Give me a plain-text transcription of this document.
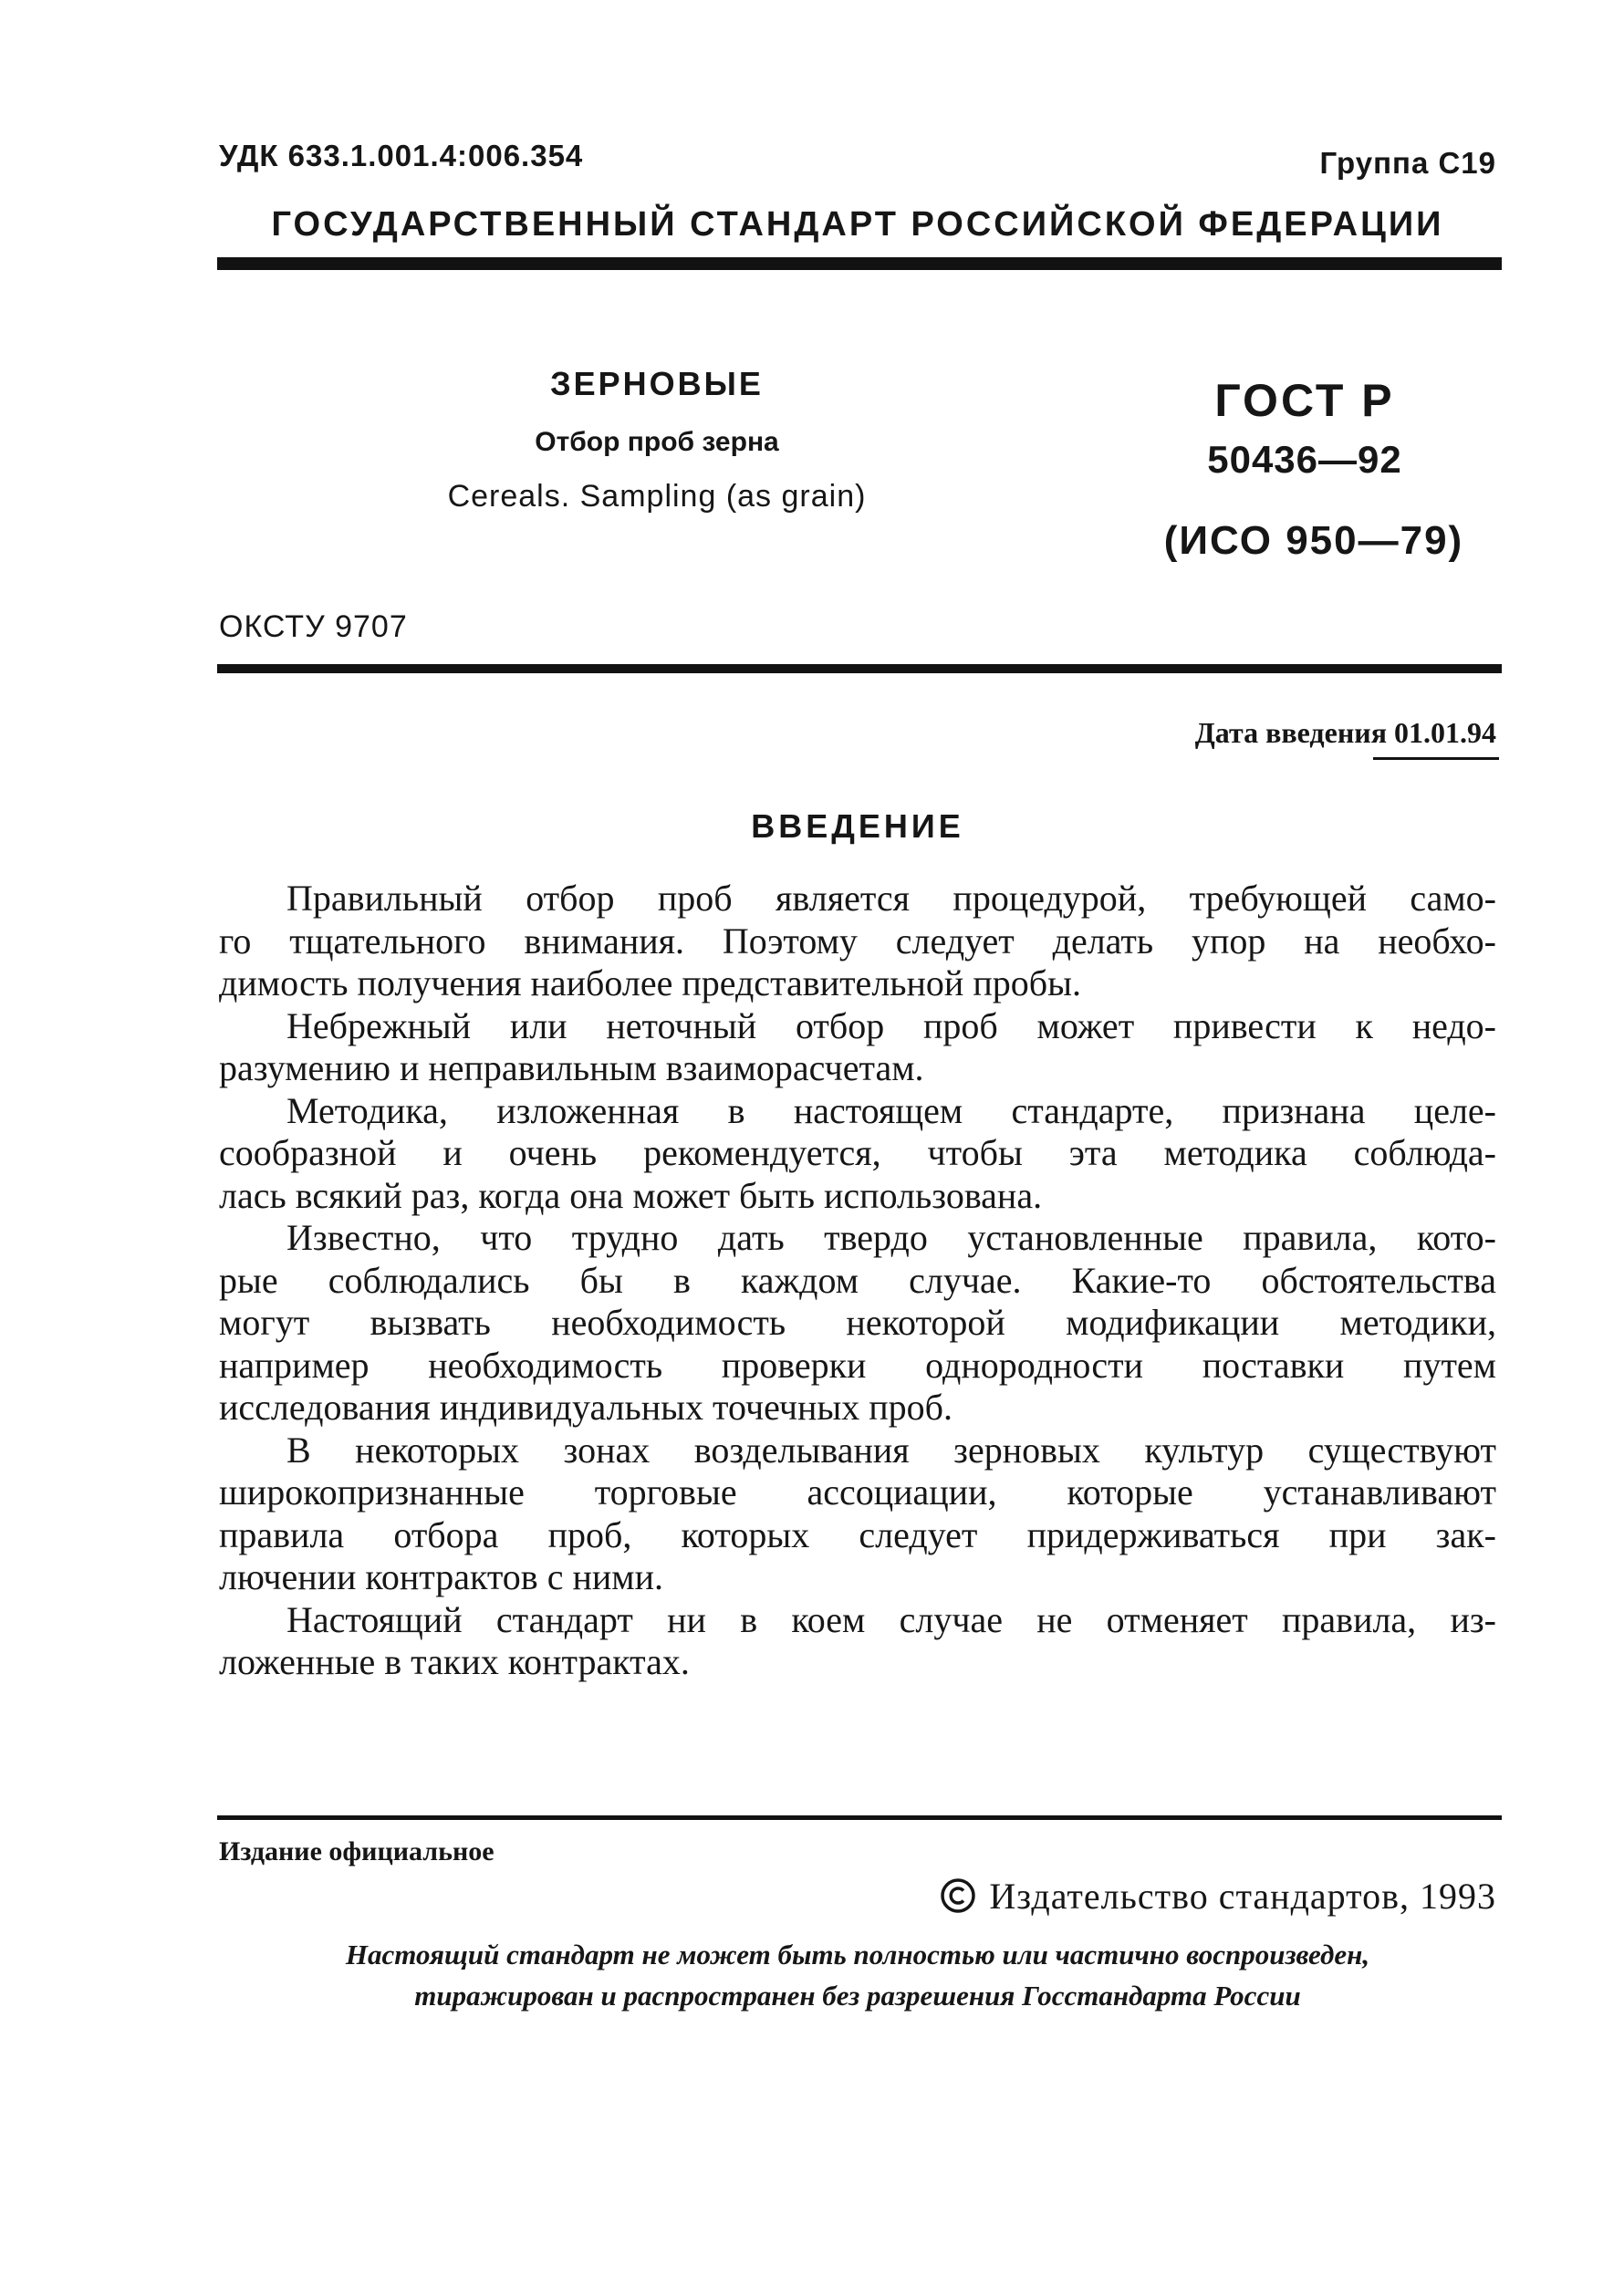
УДК 633.1.001.4:006.354	Группа С19
ГОСУДАРСТВЕННЫЙ СТАНДАРТ РОССИЙСКОЙ ФЕДЕРАЦИИ
ЗЕРНОВЫЕ
Отбор проб зерна
Cereals. Sampling (as grain)
ГОСТ Р
50436—92
(ИСО 950—79)
ОКСТУ 9707
Дата введения 01.01.94
ВВЕДЕНИЕ
Правильный отбор проб является процедурой, требующей само-
го тщательного внимания. Поэтому следует делать упор на необхо-
димость получения наиболее представительной пробы.
Небрежный или неточный отбор проб может привести к недо-
разумению и неправильным взаиморасчетам.
Методика, изложенная в настоящем стандарте, признана целе-
сообразной и очень рекомендуется, чтобы эта методика соблюда-
лась всякий раз, когда она может быть использована.
Известно, что трудно дать твердо установленные правила, кото-
рые соблюдались бы в каждом случае. Какие-то обстоятельства
могут вызвать необходимость некоторой модификации методики,
например необходимость проверки однородности поставки путем
исследования индивидуальных точечных проб.
В некоторых зонах возделывания зерновых культур существуют
широкопризнанные торговые ассоциации, которые устанавливают
правила отбора проб, которых следует придерживаться при зак-
лючении контрактов с ними.
Настоящий стандарт ни в коем случае не отменяет правила, из-
ложенные в таких контрактах.
Издание официальное
Издательство стандартов, 1993
Настоящий стандарт не может быть полностью или частично воспроизведен,
тиражирован и распространен без разрешения Госстандарта России
